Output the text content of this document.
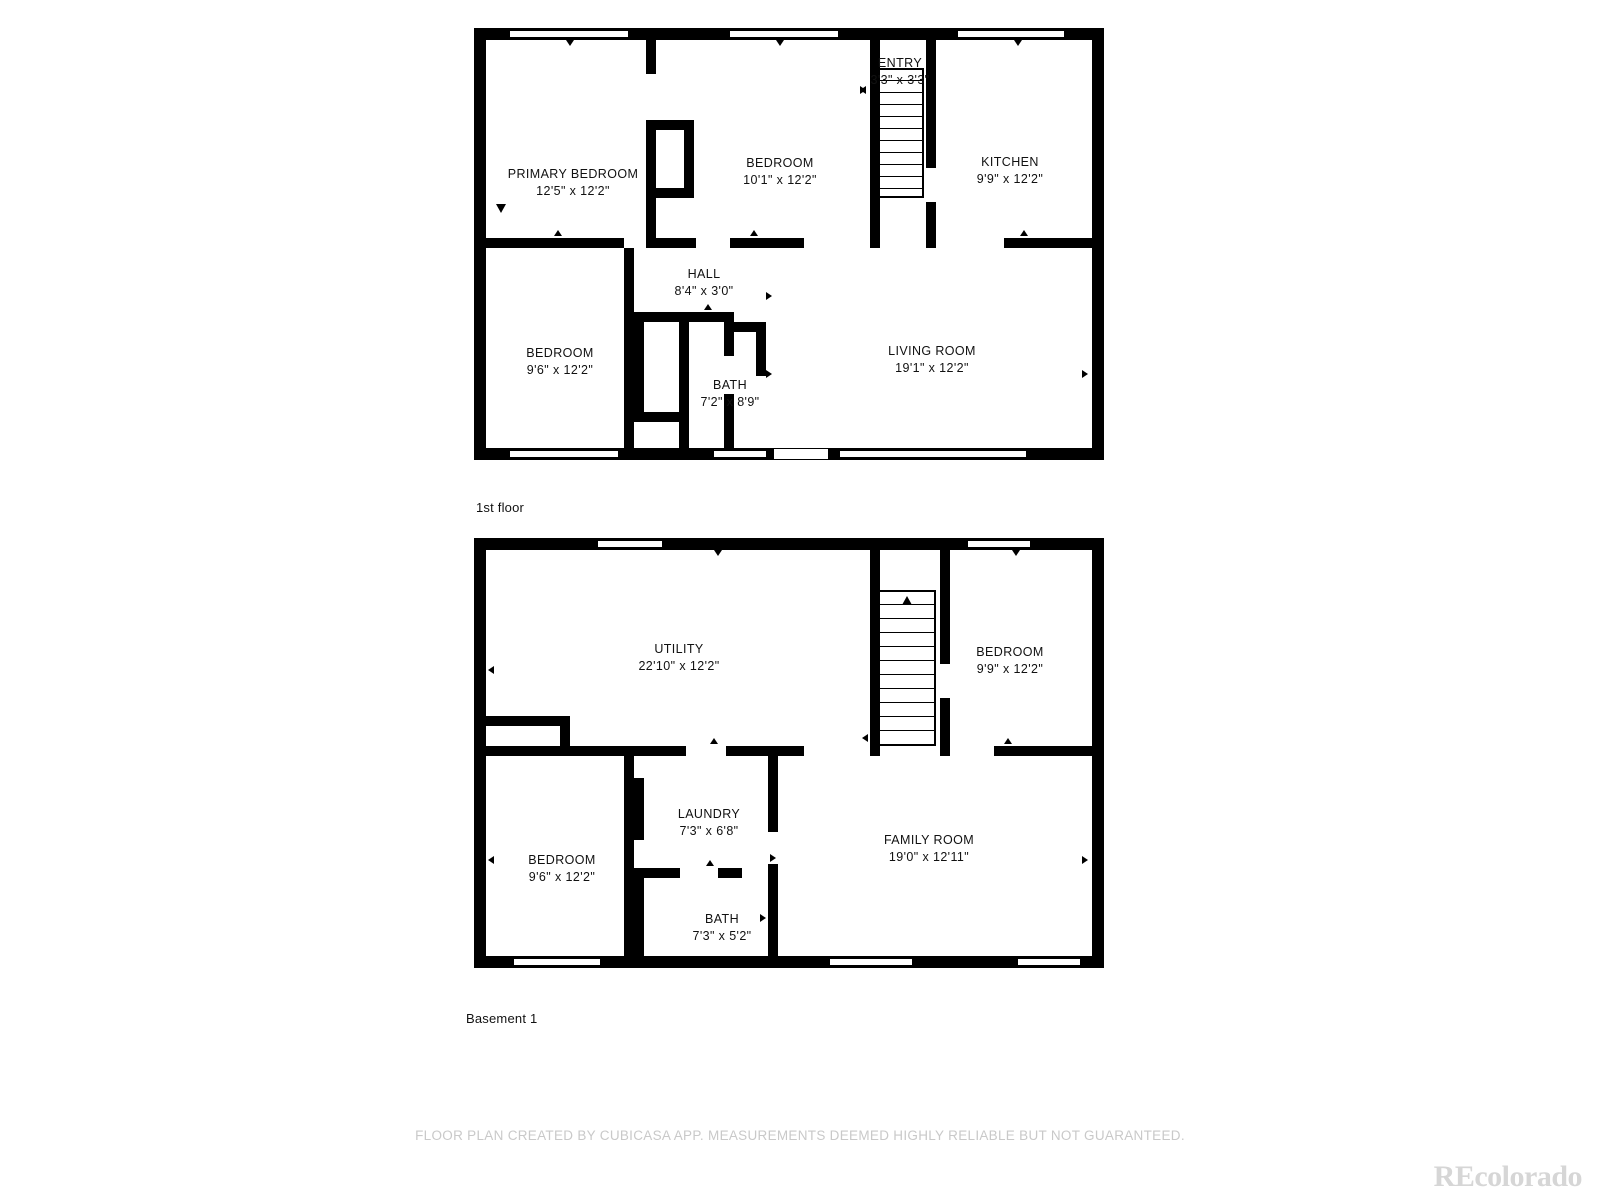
PRIMARY BEDROOM
12'5" x 12'2"
BEDROOM
10'1" x 12'2"
ENTRY
3'3" x 3'3"
KITCHEN
9'9" x 12'2"
HALL
8'4" x 3'0"
BEDROOM
9'6" x 12'2"
BATH
7'2" x 8'9"
LIVING ROOM
19'1" x 12'2"
1st floor
UTILITY
22'10" x 12'2"
BEDROOM
9'9" x 12'2"
LAUNDRY
7'3" x 6'8"
BEDROOM
9'6" x 12'2"
FAMILY ROOM
19'0" x 12'11"
BATH
7'3" x 5'2"
Basement 1
FLOOR PLAN CREATED BY CUBICASA APP. MEASUREMENTS DEEMED HIGHLY RELIABLE BUT NOT GUARANTEED.
REcolorado
